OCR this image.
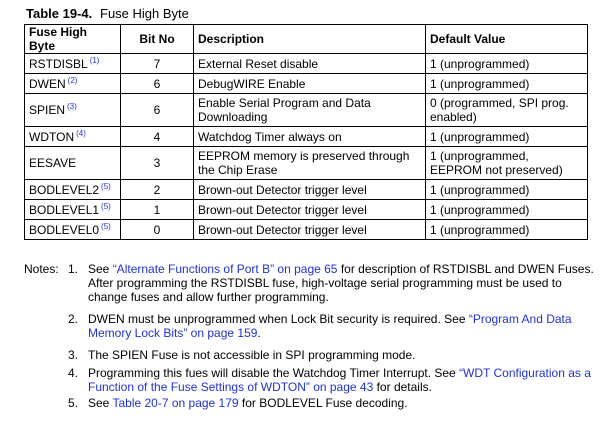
Table 19-4. Fuse High Byte
Fuse High Byte	Bit No	Description	Default Value
RSTDISBL $^{(1)}$	7	External Reset disable	1 (unprogrammed)
DWEN $^{(2)}$	6	DebugWIRE Enable	1 (unprogrammed)
SPIEN $^{(3)}$	6	Enable Serial Program and Data Downloading	0 (programmed, SPI prog. enabled)
WDTON $^{(4)}$	4	Watchdog Timer always on	1 (unprogrammed)
EESAVE	3	EEPROM memory is preserved through the Chip Erase	1 (unprogrammed, EEPROM not preserved)
BODLEVEL2 $^{(5)}$	2	Brown-out Detector trigger level	1 (unprogrammed)
BODLEVEL1 $^{(5)}$	1	Brown-out Detector trigger level	1 (unprogrammed)
BODLEVEL0 $^{(5)}$	0	Brown-out Detector trigger level	1 (unprogrammed)
Notes: 1. See “Alternate Functions of Port B” on page 65 for description of RSTDISBL and DWEN Fuses. After programming the RSTDISBL fuse, high-voltage serial programming must be used to change fuses and allow further programming.
2. DWEN must be unprogrammed when Lock Bit security is required. See “Program And Data Memory Lock Bits” on page 159.
3. The SPIEN Fuse is not accessible in SPI programming mode.
4. Programming this fues will disable the Watchdog Timer Interrupt. See “WDT Configuration as a Function of the Fuse Settings of WDTON” on page 43 for details.
5. See Table 20-7 on page 179 for BODLEVEL Fuse decoding.
